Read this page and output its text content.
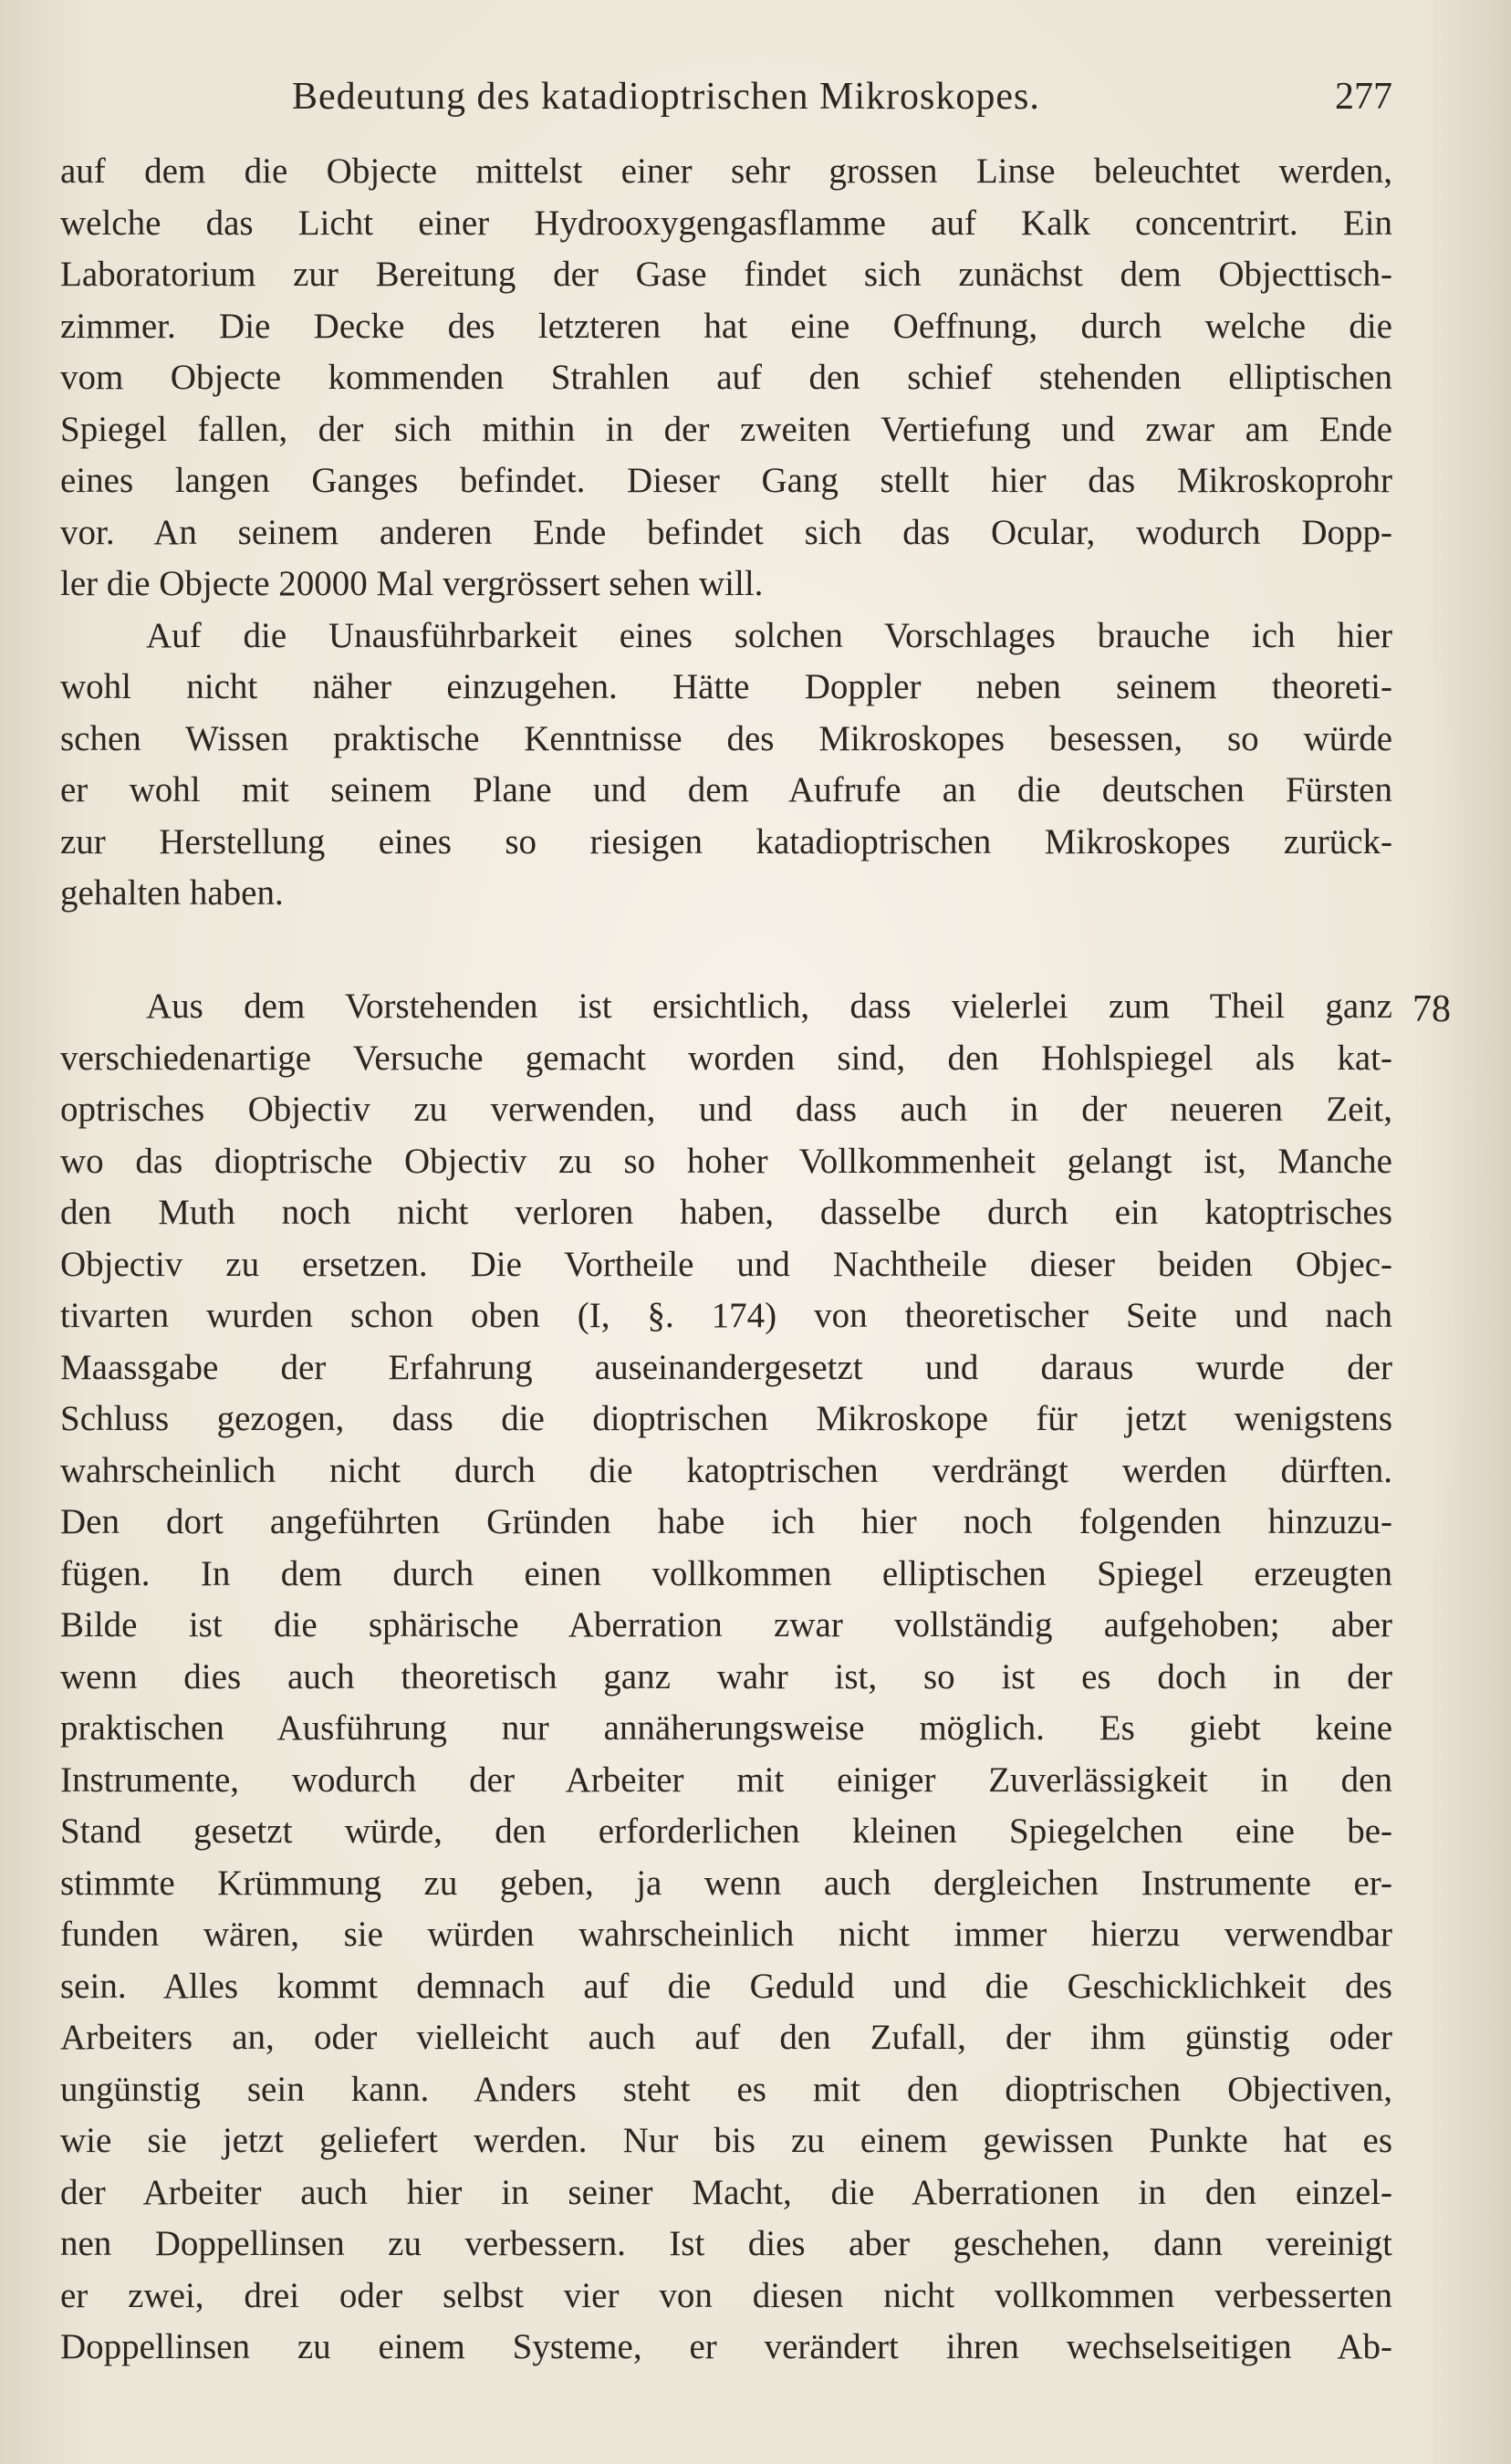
Bedeutung des katadioptrischen Mikroskopes.	277
78
auf dem die Objecte mittelst einer sehr grossen Linse beleuchtet werden,
welche das Licht einer Hydrooxygengasflamme auf Kalk concentrirt. Ein
Laboratorium zur Bereitung der Gase findet sich zunächst dem Objecttisch-
zimmer. Die Decke des letzteren hat eine Oeffnung, durch welche die
vom Objecte kommenden Strahlen auf den schief stehenden elliptischen
Spiegel fallen, der sich mithin in der zweiten Vertiefung und zwar am Ende
eines langen Ganges befindet. Dieser Gang stellt hier das Mikroskoprohr
vor. An seinem anderen Ende befindet sich das Ocular, wodurch Dopp-
ler die Objecte 20000 Mal vergrössert sehen will.
Auf die Unausführbarkeit eines solchen Vorschlages brauche ich hier
wohl nicht näher einzugehen. Hätte Doppler neben seinem theoreti-
schen Wissen praktische Kenntnisse des Mikroskopes besessen, so würde
er wohl mit seinem Plane und dem Aufrufe an die deutschen Fürsten
zur Herstellung eines so riesigen katadioptrischen Mikroskopes zurück-
gehalten haben.
Aus dem Vorstehenden ist ersichtlich, dass vielerlei zum Theil ganz
verschiedenartige Versuche gemacht worden sind, den Hohlspiegel als kat-
optrisches Objectiv zu verwenden, und dass auch in der neueren Zeit,
wo das dioptrische Objectiv zu so hoher Vollkommenheit gelangt ist, Manche
den Muth noch nicht verloren haben, dasselbe durch ein katoptrisches
Objectiv zu ersetzen. Die Vortheile und Nachtheile dieser beiden Objec-
tivarten wurden schon oben (I, §. 174) von theoretischer Seite und nach
Maassgabe der Erfahrung auseinandergesetzt und daraus wurde der
Schluss gezogen, dass die dioptrischen Mikroskope für jetzt wenigstens
wahrscheinlich nicht durch die katoptrischen verdrängt werden dürften.
Den dort angeführten Gründen habe ich hier noch folgenden hinzuzu-
fügen. In dem durch einen vollkommen elliptischen Spiegel erzeugten
Bilde ist die sphärische Aberration zwar vollständig aufgehoben; aber
wenn dies auch theoretisch ganz wahr ist, so ist es doch in der
praktischen Ausführung nur annäherungsweise möglich. Es giebt keine
Instrumente, wodurch der Arbeiter mit einiger Zuverlässigkeit in den
Stand gesetzt würde, den erforderlichen kleinen Spiegelchen eine be-
stimmte Krümmung zu geben, ja wenn auch dergleichen Instrumente er-
funden wären, sie würden wahrscheinlich nicht immer hierzu verwendbar
sein. Alles kommt demnach auf die Geduld und die Geschicklichkeit des
Arbeiters an, oder vielleicht auch auf den Zufall, der ihm günstig oder
ungünstig sein kann. Anders steht es mit den dioptrischen Objectiven,
wie sie jetzt geliefert werden. Nur bis zu einem gewissen Punkte hat es
der Arbeiter auch hier in seiner Macht, die Aberrationen in den einzel-
nen Doppellinsen zu verbessern. Ist dies aber geschehen, dann vereinigt
er zwei, drei oder selbst vier von diesen nicht vollkommen verbesserten
Doppellinsen zu einem Systeme, er verändert ihren wechselseitigen Ab-
